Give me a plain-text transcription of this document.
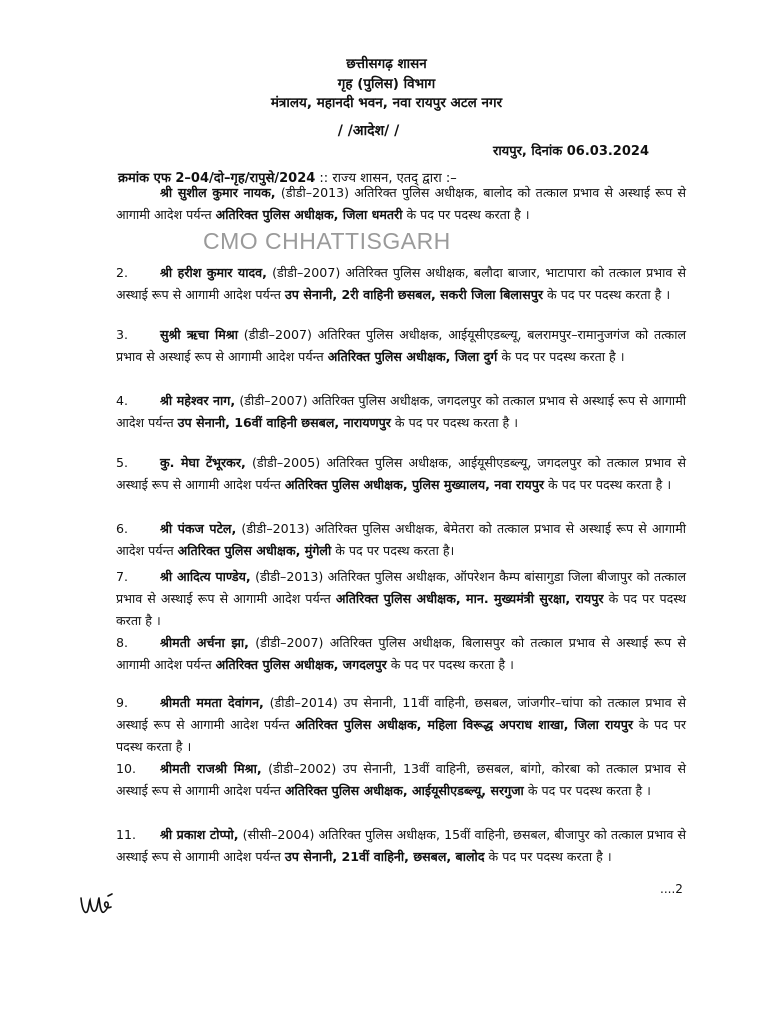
छत्तीसगढ़ शासन
गृह (पुलिस) विभाग
मंत्रालय, महानदी भवन, नवा रायपुर अटल नगर
/ /आदेश/ /
रायपुर, दिनांक 06.03.2024
क्रमांक एफ 2–04/दो–गृह/रापुसे/2024 :: राज्य शासन, एतद् द्वारा :–
CMO CHHATTISGARH
श्री सुशील कुमार नायक, (डीडी–2013) अतिरिक्त पुलिस अधीक्षक, बालोद को तत्काल प्रभाव से अस्थाई रूप से आगामी आदेश पर्यन्त अतिरिक्त पुलिस अधीक्षक, जिला धमतरी के पद पर पदस्थ करता है ।
2.	श्री हरीश कुमार यादव, (डीडी–2007) अतिरिक्त पुलिस अधीक्षक, बलौदा बाजार, भाटापारा को तत्काल प्रभाव से अस्थाई रूप से आगामी आदेश पर्यन्त उप सेनानी, 2री वाहिनी छसबल, सकरी जिला बिलासपुर के पद पर पदस्थ करता है ।
3.	सुश्री ऋचा मिश्रा (डीडी–2007) अतिरिक्त पुलिस अधीक्षक, आईयूसीएडब्ल्यू, बलरामपुर–रामानुजगंज को तत्काल प्रभाव से अस्थाई रूप से आगामी आदेश पर्यन्त अतिरिक्त पुलिस अधीक्षक, जिला दुर्ग के पद पर पदस्थ करता है ।
4.	श्री महेश्वर नाग, (डीडी–2007) अतिरिक्त पुलिस अधीक्षक, जगदलपुर को तत्काल प्रभाव से अस्थाई रूप से आगामी आदेश पर्यन्त उप सेनानी, 16वीं वाहिनी छसबल, नारायणपुर के पद पर पदस्थ करता है ।
5.	कु. मेघा टेंभूरकर, (डीडी–2005) अतिरिक्त पुलिस अधीक्षक, आईयूसीएडब्ल्यू, जगदलपुर को तत्काल प्रभाव से अस्थाई रूप से आगामी आदेश पर्यन्त अतिरिक्त पुलिस अधीक्षक, पुलिस मुख्यालय, नवा रायपुर के पद पर पदस्थ करता है ।
6.	श्री पंकज पटेल, (डीडी–2013) अतिरिक्त पुलिस अधीक्षक, बेमेतरा को तत्काल प्रभाव से अस्थाई रूप से आगामी आदेश पर्यन्त अतिरिक्त पुलिस अधीक्षक, मुंगेली के पद पर पदस्थ करता है।
7.	श्री आदित्य पाण्डेय, (डीडी–2013) अतिरिक्त पुलिस अधीक्षक, ऑपरेशन कैम्प बांसागुडा जिला बीजापुर को तत्काल प्रभाव से अस्थाई रूप से आगामी आदेश पर्यन्त अतिरिक्त पुलिस अधीक्षक, मान. मुख्यमंत्री सुरक्षा, रायपुर के पद पर पदस्थ करता है ।
8.	श्रीमती अर्चना झा, (डीडी–2007) अतिरिक्त पुलिस अधीक्षक, बिलासपुर को तत्काल प्रभाव से अस्थाई रूप से आगामी आदेश पर्यन्त अतिरिक्त पुलिस अधीक्षक, जगदलपुर के पद पर पदस्थ करता है ।
9.	श्रीमती ममता देवांगन, (डीडी–2014) उप सेनानी, 11वीं वाहिनी, छसबल, जांजगीर–चांपा को तत्काल प्रभाव से अस्थाई रूप से आगामी आदेश पर्यन्त अतिरिक्त पुलिस अधीक्षक, महिला विरूद्ध अपराध शाखा, जिला रायपुर के पद पर पदस्थ करता है ।
10. श्रीमती राजश्री मिश्रा, (डीडी–2002) उप सेनानी, 13वीं वाहिनी, छसबल, बांगो, कोरबा को तत्काल प्रभाव से अस्थाई रूप से आगामी आदेश पर्यन्त अतिरिक्त पुलिस अधीक्षक, आईयूसीएडब्ल्यू, सरगुजा के पद पर पदस्थ करता है ।
11. श्री प्रकाश टोप्पो, (सीसी–2004) अतिरिक्त पुलिस अधीक्षक, 15वीं वाहिनी, छसबल, बीजापुर को तत्काल प्रभाव से अस्थाई रूप से आगामी आदेश पर्यन्त उप सेनानी, 21वीं वाहिनी, छसबल, बालोद के पद पर पदस्थ करता है ।
....2
